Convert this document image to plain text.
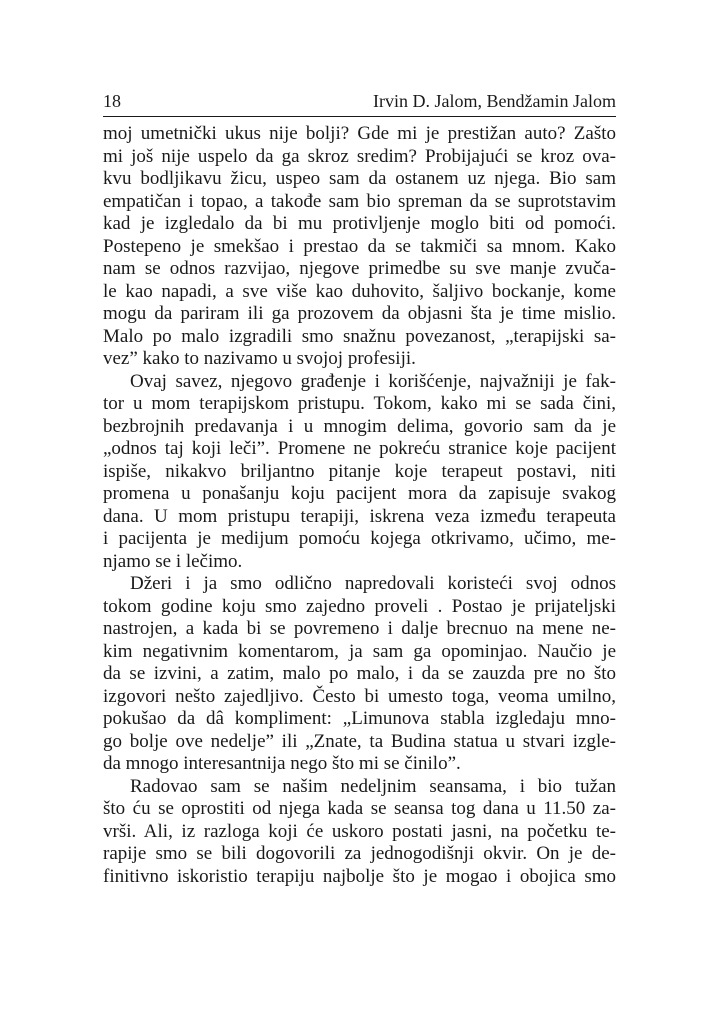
18	Irvin D. Jalom, Bendžamin Jalom
moj umetnički ukus nije bolji? Gde mi je prestižan auto? Zašto
mi još nije uspelo da ga skroz sredim? Probijajući se kroz ova-
kvu bodljikavu žicu, uspeo sam da ostanem uz njega. Bio sam
empatičan i topao, a takođe sam bio spreman da se suprotstavim
kad je izgledalo da bi mu protivljenje moglo biti od pomoći.
Postepeno je smekšao i prestao da se takmiči sa mnom. Kako
nam se odnos razvijao, njegove primedbe su sve manje zvuča-
le kao napadi, a sve više kao duhovito, šaljivo bockanje, kome
mogu da pariram ili ga prozovem da objasni šta je time mislio.
Malo po malo izgradili smo snažnu povezanost, „terapijski sa-
vez” kako to nazivamo u svojoj profesiji.
Ovaj savez, njegovo građenje i korišćenje, najvažniji je fak-
tor u mom terapijskom pristupu. Tokom, kako mi se sada čini,
bezbrojnih predavanja i u mnogim delima, govorio sam da je
„odnos taj koji leči”. Promene ne pokreću stranice koje pacijent
ispiše, nikakvo briljantno pitanje koje terapeut postavi, niti
promena u ponašanju koju pacijent mora da zapisuje svakog
dana. U mom pristupu terapiji, iskrena veza između terapeuta
i pacijenta je medijum pomoću kojega otkrivamo, učimo, me-
njamo se i lečimo.
Džeri i ja smo odlično napredovali koristeći svoj odnos
tokom godine koju smo zajedno proveli . Postao je prijateljski
nastrojen, a kada bi se povremeno i dalje brecnuo na mene ne-
kim negativnim komentarom, ja sam ga opominjao. Naučio je
da se izvini, a zatim, malo po malo, i da se zauzda pre no što
izgovori nešto zajedljivo. Često bi umesto toga, veoma umilno,
pokušao da dâ kompliment: „Limunova stabla izgledaju mno-
go bolje ove nedelje” ili „Znate, ta Budina statua u stvari izgle-
da mnogo interesantnija nego što mi se činilo”.
Radovao sam se našim nedeljnim seansama, i bio tužan
što ću se oprostiti od njega kada se seansa tog dana u 11.50 za-
vrši. Ali, iz razloga koji će uskoro postati jasni, na početku te-
rapije smo se bili dogovorili za jednogodišnji okvir. On je de-
finitivno iskoristio terapiju najbolje što je mogao i obojica smo
